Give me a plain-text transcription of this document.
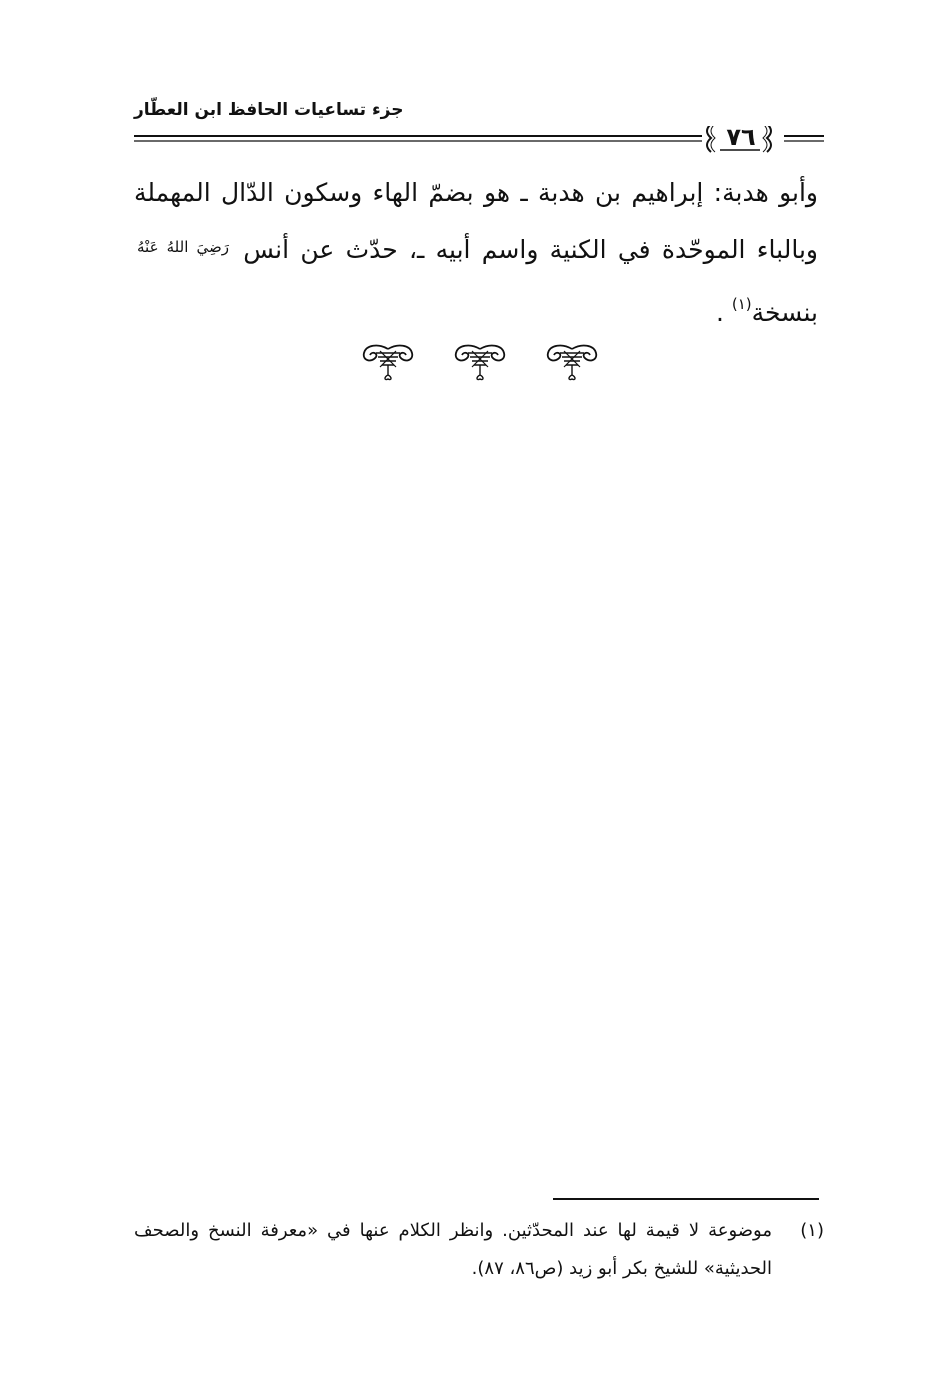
جزء تساعيات الحافظ ابن العطّار
٧٦

وأبو هدبة: إبراهيم بن هدبة ـ هو بضمّ الهاء وسكون الدّال المهملة وبالباء الموحّدة في الكنية واسم أبيه ـ، حدّث عن أنس $^{رَضِيَ اللهُ عَنْهُ}$ بنسخة$^{(١)}$ .

(١)
موضوعة لا قيمة لها عند المحدّثين. وانظر الكلام عنها في «معرفة النسخ والصحف الحديثية» للشيخ بكر أبو زيد (ص٨٦، ٨٧).
